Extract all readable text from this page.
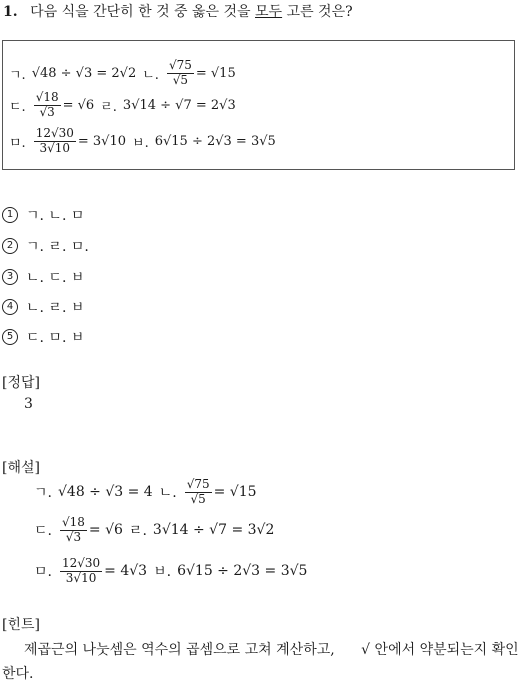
1. 다음 식을 간단히 한 것 중 옳은 것을 모두 고른 것은?
ㄱ. √48 ÷ √3 = 2√2 ㄴ. $\frac{√75}{√5} = √15$
ㄷ. $\frac{√18}{√3} = √6$ ㄹ. 3√14 ÷ √7 = 2√3
ㅁ. $\frac{12√30}{3√10} = 3√10$ ㅂ. 6√15 ÷ 2√3 = 3√5
1 ㄱ. ㄴ. ㅁ
2 ㄱ. ㄹ. ㅁ.
3 ㄴ. ㄷ. ㅂ
4 ㄴ. ㄹ. ㅂ
5 ㄷ. ㅁ. ㅂ
[정답]
3
[해설]
ㄱ. √48 ÷ √3 = 4 ㄴ. $\frac{√75}{√5} = √15$
ㄷ. $\frac{√18}{√3} = √6$ ㄹ. 3√14 ÷ √7 = 3√2
ㅁ. $\frac{12√30}{3√10} = 4√3$ ㅂ. 6√15 ÷ 2√3 = 3√5
[힌트]
제곱근의 나눗셈은 역수의 곱셈으로 고쳐 계산하고, √ 안에서 약분되는지 확인한다.
